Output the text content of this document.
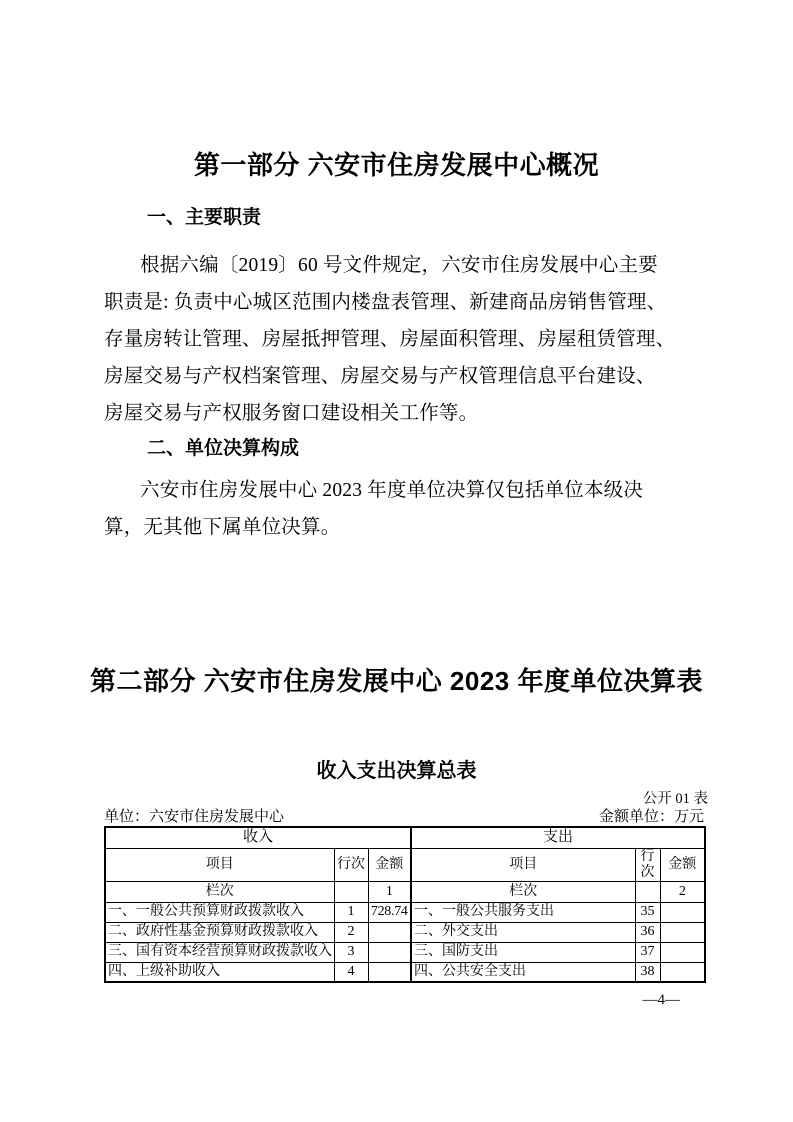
第一部分 六安市住房发展中心概况
一、主要职责
根据六编〔2019〕60 号文件规定，六安市住房发展中心主要
职责是: 负责中心城区范围内楼盘表管理、新建商品房销售管理、
存量房转让管理、房屋抵押管理、房屋面积管理、房屋租赁管理、
房屋交易与产权档案管理、房屋交易与产权管理信息平台建设、
房屋交易与产权服务窗口建设相关工作等。
二、单位决算构成
六安市住房发展中心 2023 年度单位决算仅包括单位本级决
算，无其他下属单位决算。
第二部分 六安市住房发展中心 2023 年度单位决算表
收入支出决算总表
公开 01 表
单位：六安市住房发展中心	金额单位：万元
收入			支出		
项目	行次	金额	项目	行次	金额
栏次		1	栏次		2
一、一般公共预算财政拨款收入	1	728.74	一、一般公共服务支出	35	
二、政府性基金预算财政拨款收入	2		二、外交支出	36	
三、国有资本经营预算财政拨款收入	3		三、国防支出	37	
四、上级补助收入	4		四、公共安全支出	38	
—4—
